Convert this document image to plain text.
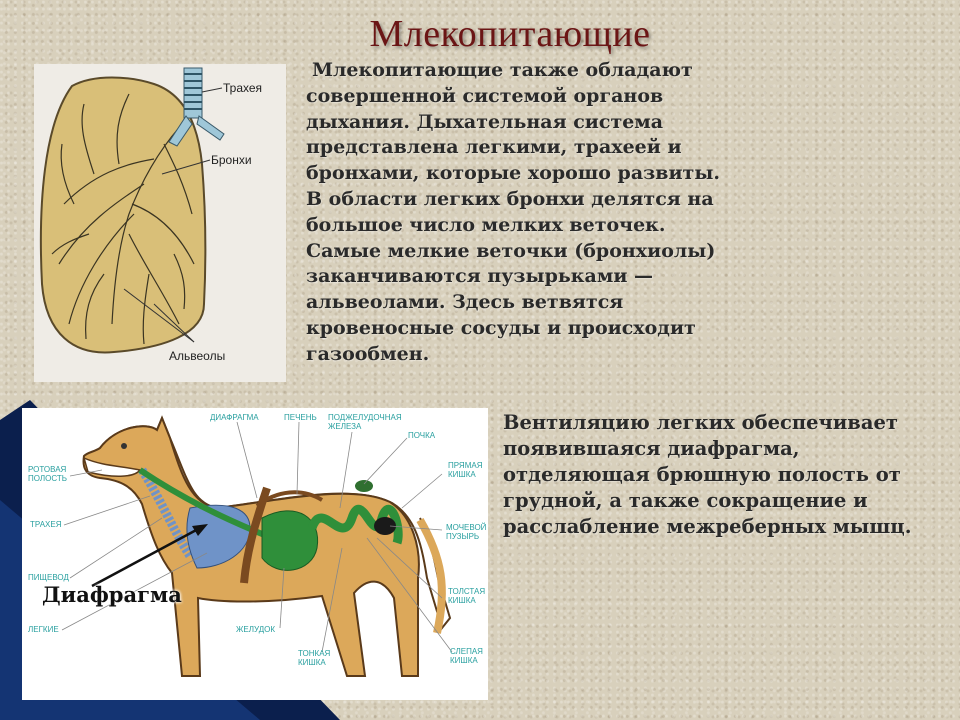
Млекопитающие
Трахея
Бронхи
Альвеолы
Млекопитающие также обладают совершенной системой органов дыхания. Дыхательная система представлена легкими, трахеей и бронхами, которые хорошо развиты. В области легких бронхи делятся на большое число мелких веточек. Самые мелкие веточки (бронхиолы) заканчиваются пузырьками — альвеолами. Здесь ветвятся кровеносные сосуды и происходит газообмен.
ДИАФРАГМА	ПЕЧЕНЬ ПОДЖЕЛУДОЧНАЯ
ЖЕЛЕЗА
ПОЧКА
РОТОВАЯ
ПОЛОСТЬ
ТРАХЕЯ
ПИЩЕВОД
ЛЕГКИЕ	ЖЕЛУДОК
ТОНКАЯ
КИШКА
ПРЯМАЯ
КИШКА
МОЧЕВОЙ
ПУЗЫРЬ
ТОЛСТАЯ
КИШКА
СЛЕПАЯ
КИШКА
Диафрагма
Вентиляцию легких обеспечивает появившаяся диафрагма, отделяющая брюшную полость от грудной, а также сокращение и расслабление межреберных мышц.
